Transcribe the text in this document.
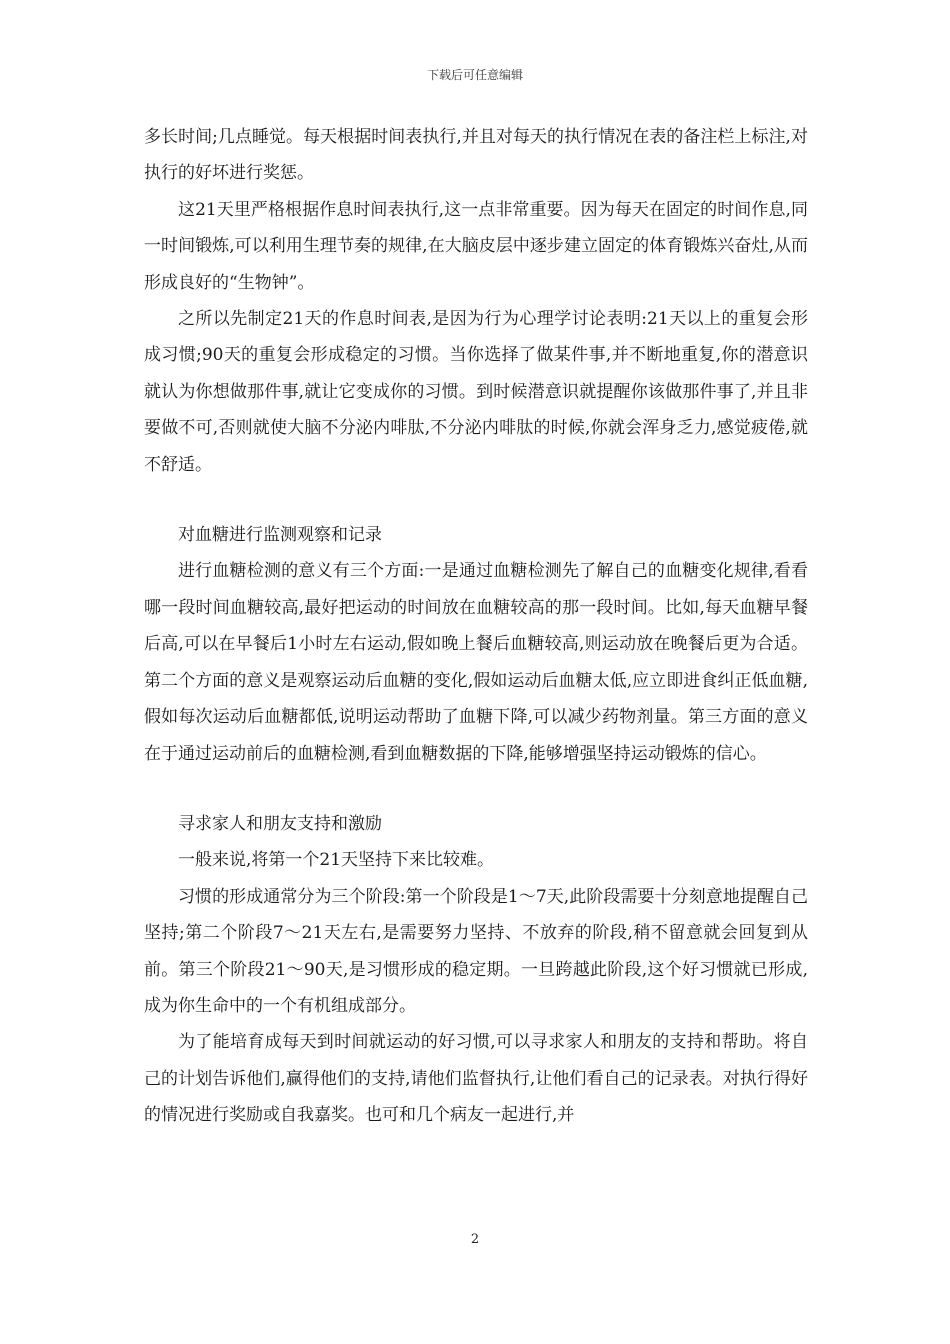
下载后可任意编辑

多长时间;几点睡觉。每天根据时间表执行,并且对每天的执行情况在表的备注栏上标注,对执行的好坏进行奖惩。

这21天里严格根据作息时间表执行,这一点非常重要。因为每天在固定的时间作息,同一时间锻炼,可以利用生理节奏的规律,在大脑皮层中逐步建立固定的体育锻炼兴奋灶,从而形成良好的“生物钟”。

之所以先制定21天的作息时间表,是因为行为心理学讨论表明:21天以上的重复会形成习惯;90天的重复会形成稳定的习惯。当你选择了做某件事,并不断地重复,你的潜意识就认为你想做那件事,就让它变成你的习惯。到时候潜意识就提醒你该做那件事了,并且非要做不可,否则就使大脑不分泌内啡肽,不分泌内啡肽的时候,你就会浑身乏力,感觉疲倦,就不舒适。

对血糖进行监测观察和记录

进行血糖检测的意义有三个方面:一是通过血糖检测先了解自己的血糖变化规律,看看哪一段时间血糖较高,最好把运动的时间放在血糖较高的那一段时间。比如,每天血糖早餐后高,可以在早餐后1小时左右运动,假如晚上餐后血糖较高,则运动放在晚餐后更为合适。第二个方面的意义是观察运动后血糖的变化,假如运动后血糖太低,应立即进食纠正低血糖,假如每次运动后血糖都低,说明运动帮助了血糖下降,可以减少药物剂量。第三方面的意义在于通过运动前后的血糖检测,看到血糖数据的下降,能够增强坚持运动锻炼的信心。

寻求家人和朋友支持和激励

一般来说,将第一个21天坚持下来比较难。

习惯的形成通常分为三个阶段:第一个阶段是1～7天,此阶段需要十分刻意地提醒自己坚持;第二个阶段7～21天左右,是需要努力坚持、不放弃的阶段,稍不留意就会回复到从前。第三个阶段21～90天,是习惯形成的稳定期。一旦跨越此阶段,这个好习惯就已形成,成为你生命中的一个有机组成部分。

为了能培育成每天到时间就运动的好习惯,可以寻求家人和朋友的支持和帮助。将自己的计划告诉他们,赢得他们的支持,请他们监督执行,让他们看自己的记录表。对执行得好的情况进行奖励或自我嘉奖。也可和几个病友一起进行,并

2
